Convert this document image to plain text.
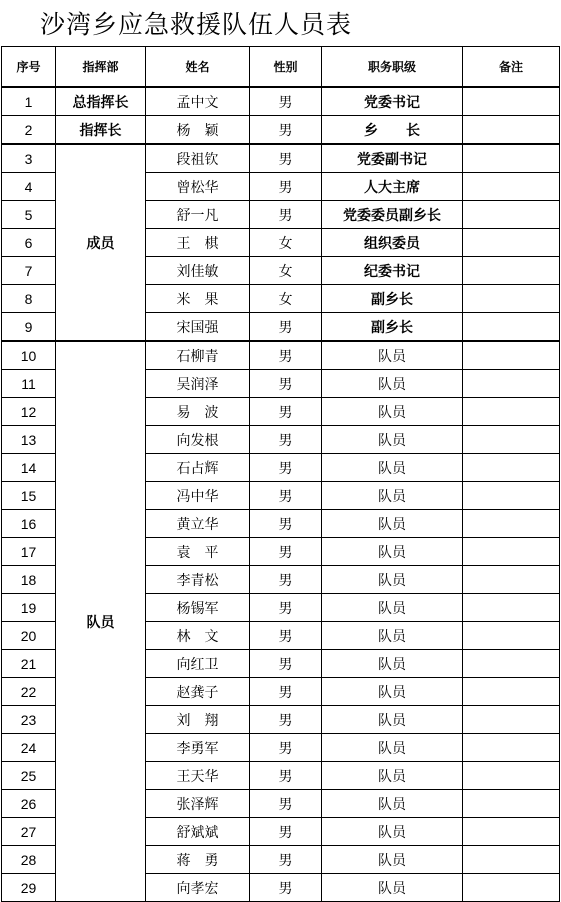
沙湾乡应急救援队伍人员表
序号	指挥部	姓名	性别	职务职级	备注
1	总指挥长	孟中文	男	党委书记	
2	指挥长	杨　颖	男	乡　　长	
3	成员	段祖钦	男	党委副书记	
4		曾松华	男	人大主席	
5		舒一凡	男	党委委员副乡长	
6		王　棋	女	组织委员	
7		刘佳敏	女	纪委书记	
8		米　果	女	副乡长	
9		宋国强	男	副乡长	
10	队员	石柳青	男	队员	
11		吴润泽	男	队员	
12		易　波	男	队员	
13		向发根	男	队员	
14		石占辉	男	队员	
15		冯中华	男	队员	
16		黄立华	男	队员	
17		袁　平	男	队员	
18		李青松	男	队员	
19		杨锡军	男	队员	
20		林　文	男	队员	
21		向红卫	男	队员	
22		赵龚子	男	队员	
23		刘　翔	男	队员	
24		李勇军	男	队员	
25		王天华	男	队员	
26		张泽辉	男	队员	
27		舒斌斌	男	队员	
28		蒋　勇	男	队员	
29		向孝宏	男	队员	
